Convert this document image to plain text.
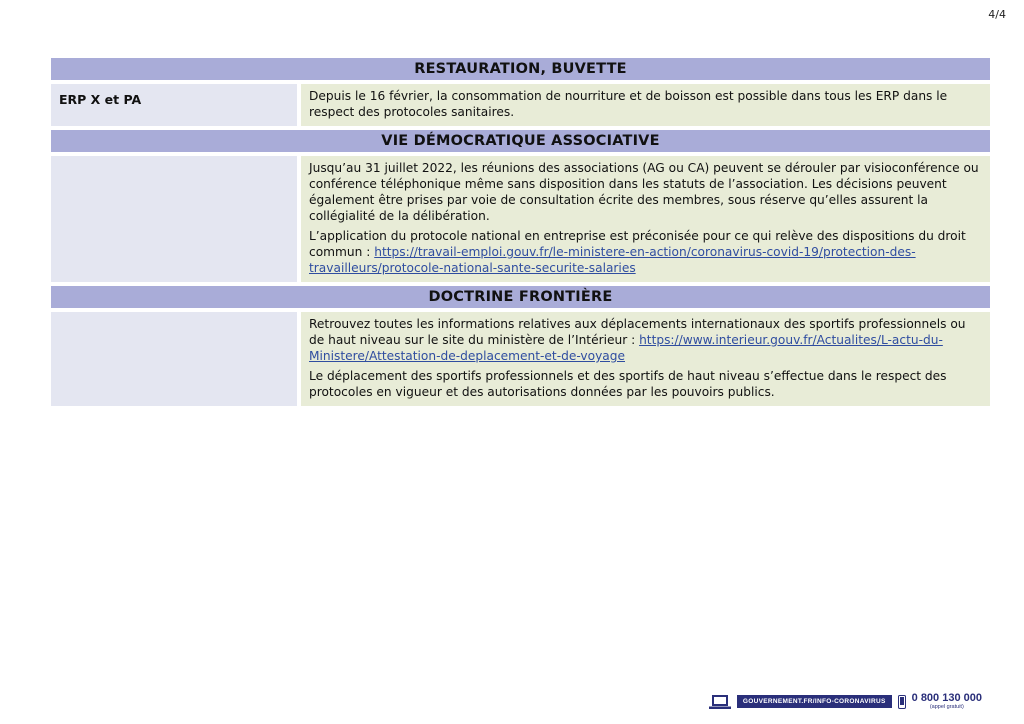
4/4
RESTAURATION, BUVETTE
ERP X et PA	Depuis le 16 février, la consommation de nourriture et de boisson est possible dans tous les ERP dans le respect des protocoles sanitaires.

VIE DÉMOCRATIQUE ASSOCIATIVE

Jusqu’au 31 juillet 2022, les réunions des associations (AG ou CA) peuvent se dérouler par visioconférence ou conférence téléphonique même sans disposition dans les statuts de l’association. Les décisions peuvent également être prises par voie de consultation écrite des membres, sous réserve qu’elles assurent la collégialité de la délibération.

L’application du protocole national en entreprise est préconisée pour ce qui relève des dispositions du droit commun : https://travail-emploi.gouv.fr/le-ministere-en-action/coronavirus-covid-19/protection-des-travailleurs/protocole-national-sante-securite-salaries

DOCTRINE FRONTIÈRE

Retrouvez toutes les informations relatives aux déplacements internationaux des sportifs professionnels ou de haut niveau sur le site du ministère de l’Intérieur : https://www.interieur.gouv.fr/Actualites/L-actu-du-Ministere/Attestation-de-deplacement-et-de-voyage

Le déplacement des sportifs professionnels et des sportifs de haut niveau s’effectue dans le respect des protocoles en vigueur et des autorisations données par les pouvoirs publics.

GOUVERNEMENT.FR/INFO-CORONAVIRUS	0 800 130 000
(appel gratuit)
